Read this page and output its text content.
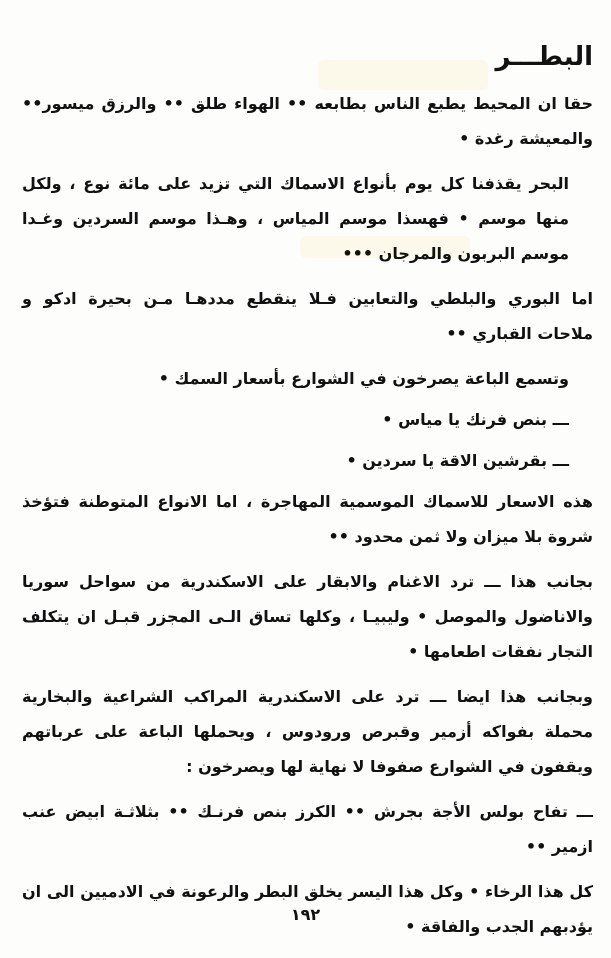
البطـــر

حقا ان المحيط يطبع الناس بطابعه •• الهواء طلق •• والرزق ميسور•• والمعيشة رغدة •

البحر يقذفنا كل يوم بأنواع الاسماك التي تزيد على مائة نوع ، ولكل منها موسم • فهسذا موسم المياس ، وهـذا موسم السردين وغـدا موسم البربون والمرجان •••

اما البوري والبلطي والتعابين فـلا ينقطع مددهـا مـن بحيرة ادكو و ملاحات القباري ••

وتسمع الباعة يصرخون في الشوارع بأسعار السمك •

ـــ بنص فرنك يا مياس •

ـــ بقرشين الاقة يا سردين •

هذه الاسعار للاسماك الموسمية المهاجرة ، اما الانواع المتوطنة فتؤخذ شروة بلا ميزان ولا ثمن محدود ••

بجانب هذا ـــ ترد الاغنام والابقار على الاسكندرية من سواحل سوريا والاناضول والموصل • وليبيـا ، وكلها تساق الـى المجزر قبـل ان يتكلف التجار نفقات اطعامها •

وبجانب هذا ايضا ـــ ترد على الاسكندرية المراكب الشراعية والبخارية محملة بفواكه أزمير وقبرص ورودوس ، ويحملها الباعة على عرباتهم ويقفون في الشوارع صفوفا لا نهاية لها ويصرخون :

ـــ تفاح بولس الأجة بجرش •• الكرز بنص فرنـك •• بثلاثـة ابيض عنب ازمير ••

كل هذا الرخاء • وكل هذا اليسر يخلق البطر والرعونة في الادميين الى ان يؤدبهم الجدب والفاقة •

١٩٢
